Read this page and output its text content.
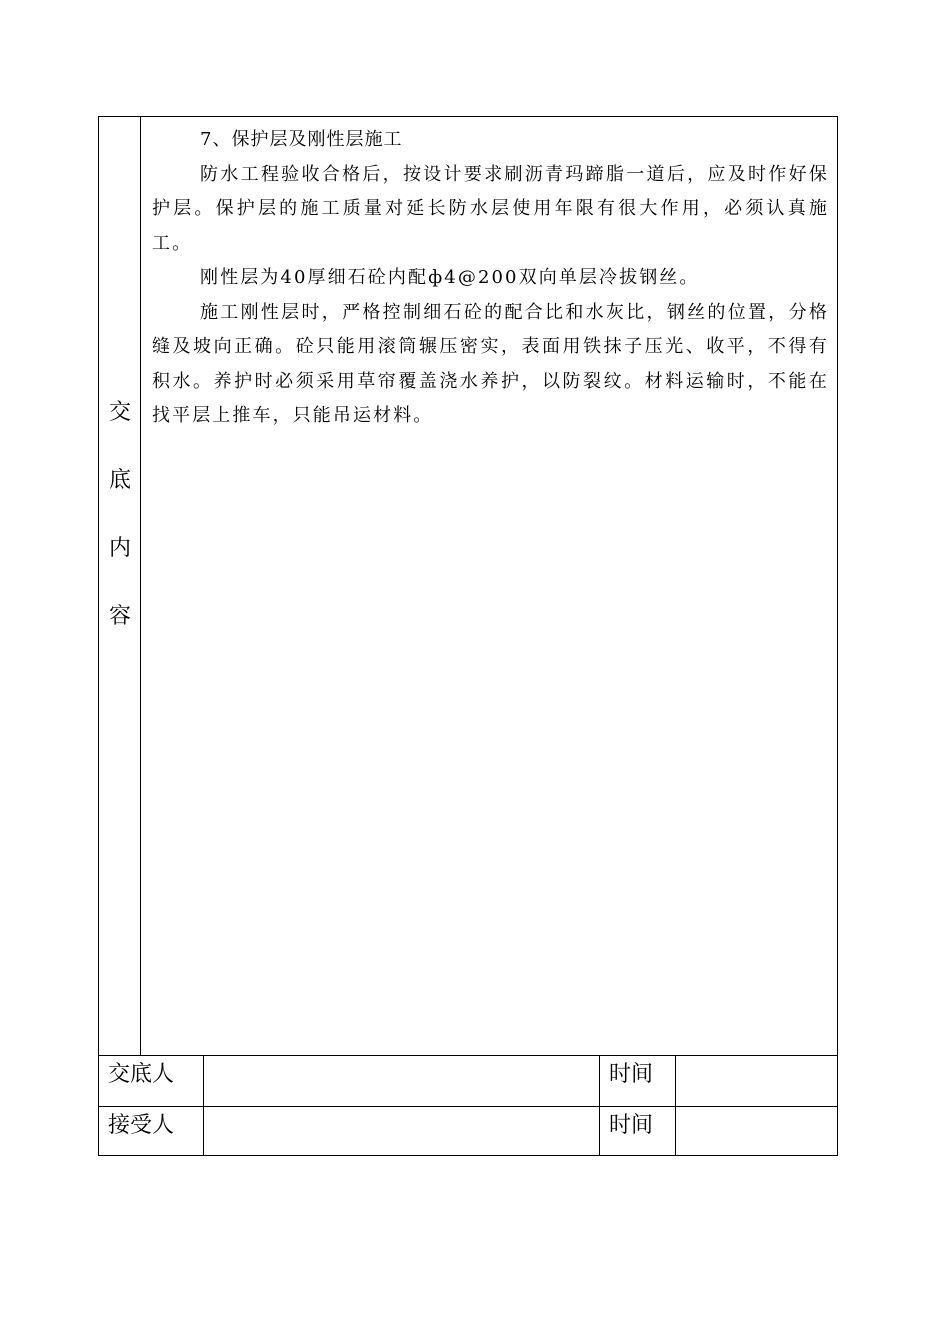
交
底
内
容

7、保护层及刚性层施工

防水工程验收合格后，按设计要求刷沥青玛蹄脂一道后，应及时作好保护层。保护层的施工质量对延长防水层使用年限有很大作用，必须认真施工。

刚性层为40厚细石砼内配ф4@200双向单层冷拔钢丝。

施工刚性层时，严格控制细石砼的配合比和水灰比，钢丝的位置，分格缝及坡向正确。砼只能用滚筒辗压密实，表面用铁抹子压光、收平，不得有积水。养护时必须采用草帘覆盖浇水养护，以防裂纹。材料运输时，不能在找平层上推车，只能吊运材料。

交底人	时间
接受人	时间
